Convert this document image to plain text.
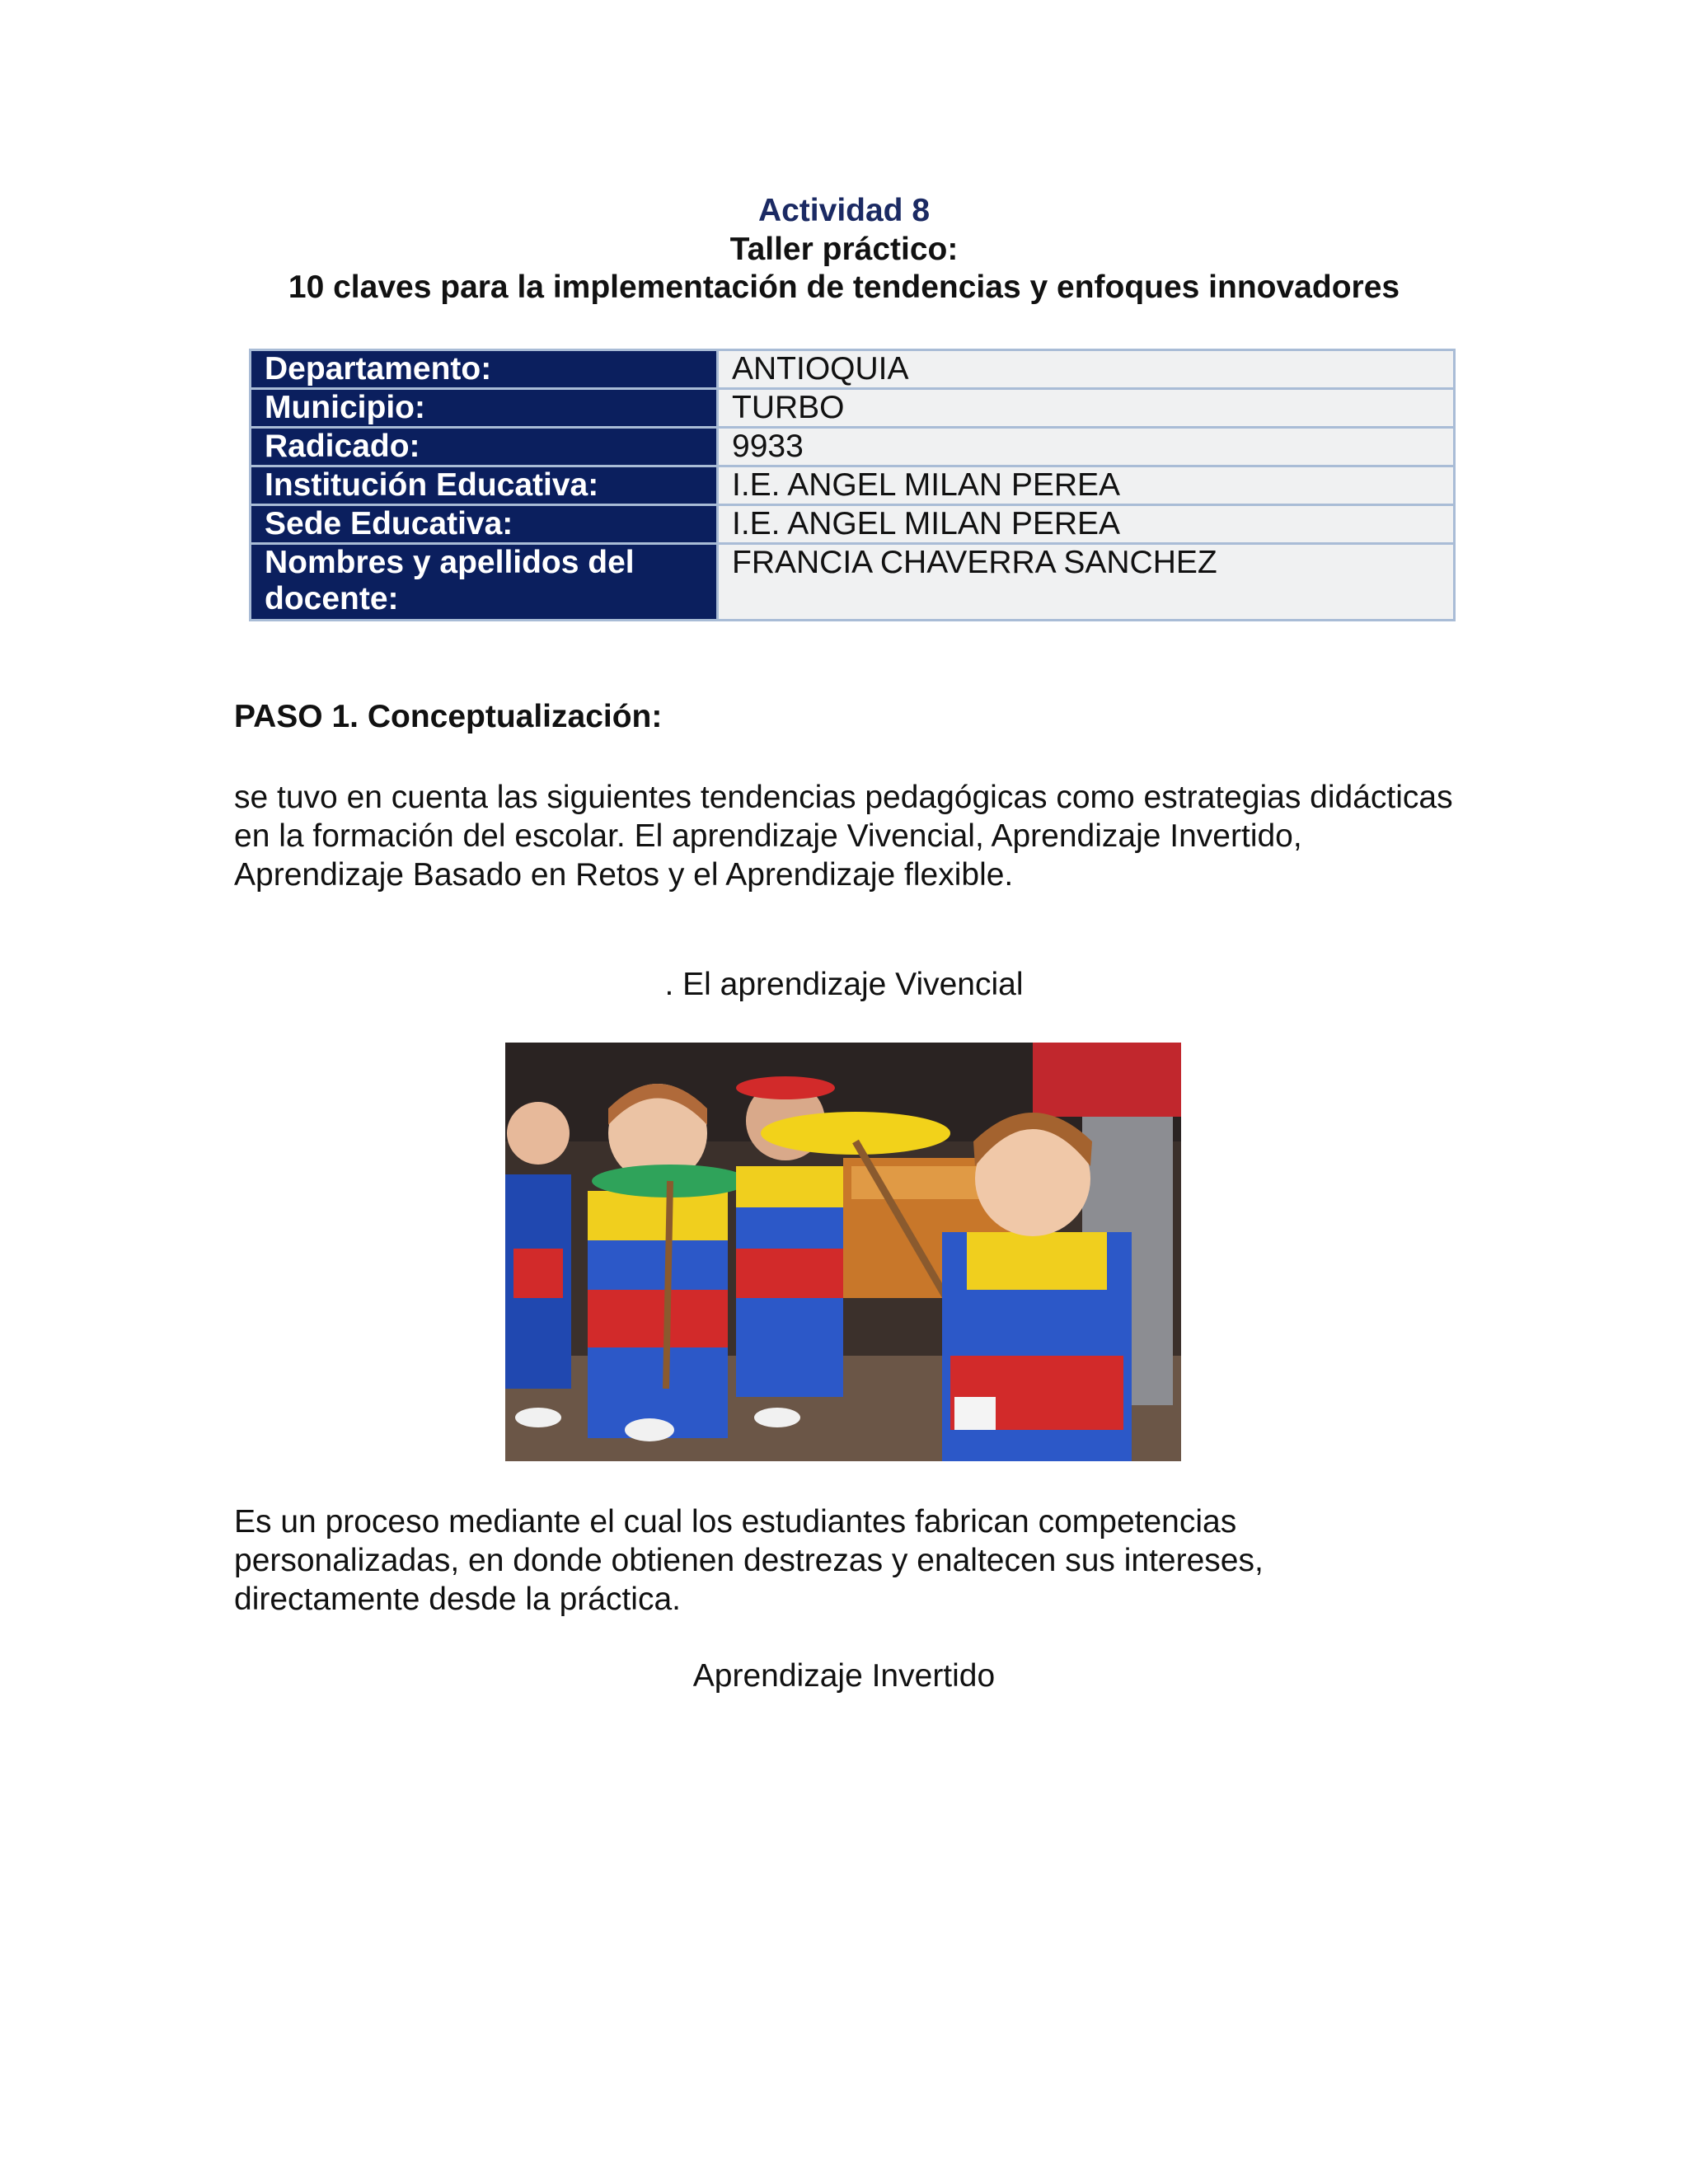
Actividad 8
Taller práctico:
10 claves para la implementación de tendencias y enfoques innovadores
Departamento:	ANTIOQUIA
Municipio:	TURBO
Radicado:	9933
Institución Educativa:	I.E. ANGEL MILAN PEREA
Sede Educativa:	I.E. ANGEL MILAN PEREA
Nombres y apellidos del docente:	FRANCIA CHAVERRA SANCHEZ
PASO 1. Conceptualización:
se tuvo en cuenta las siguientes tendencias pedagógicas como estrategias didácticas en la formación del escolar. El aprendizaje Vivencial, Aprendizaje Invertido, Aprendizaje Basado en Retos y el Aprendizaje flexible.
. El aprendizaje Vivencial
Es un proceso mediante el cual los estudiantes fabrican competencias personalizadas, en donde obtienen destrezas y enaltecen sus intereses, directamente desde la práctica.
Aprendizaje Invertido
